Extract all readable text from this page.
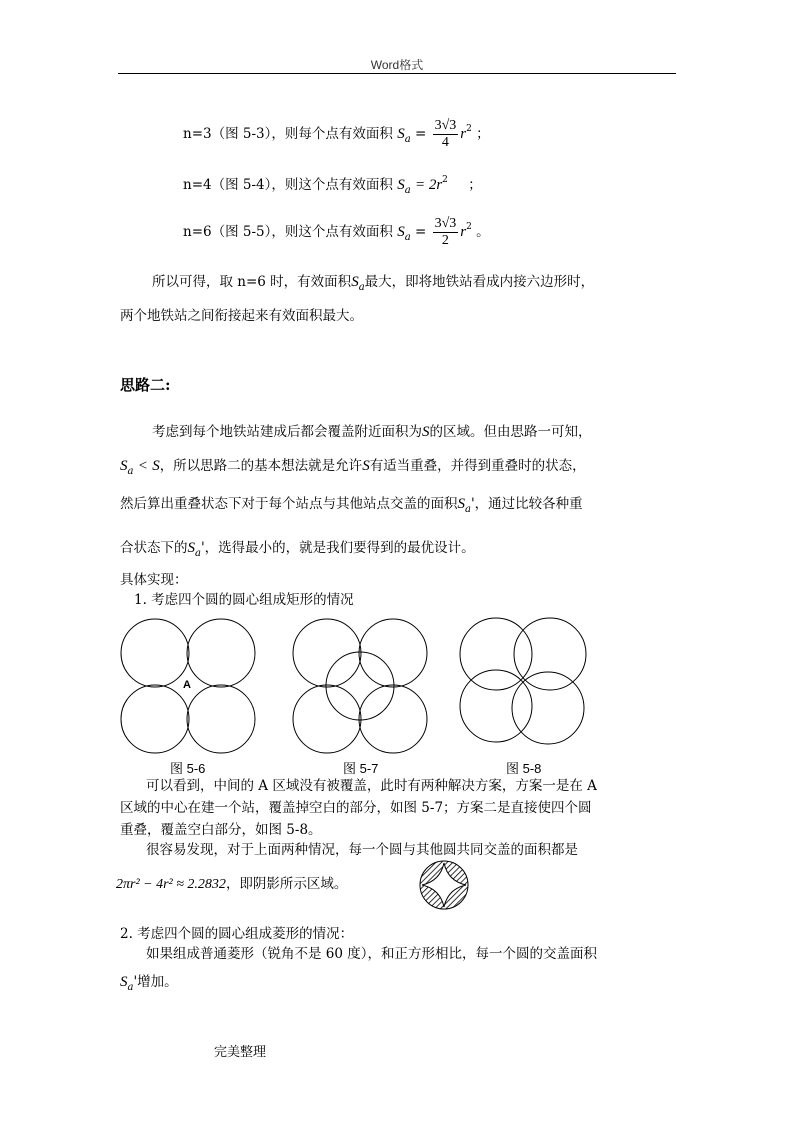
Word格式
n=3（图 5-3），则每个点有效面积 $S_a = \frac{3√3}{4} r^2$ ；
n=4（图 5-4），则这个点有效面积 $S_a = 2r^2$ ；
n=6（图 5-5），则这个点有效面积 $S_a = \frac{3√3}{2} r^2$ 。
所以可得，取 n=6 时，有效面积$S_a$最大，即将地铁站看成内接六边形时，
两个地铁站之间衔接起来有效面积最大。
思路二:
考虑到每个地铁站建成后都会覆盖附近面积为S的区域。但由思路一可知，
$S_a < S$，所以思路二的基本想法就是允许S有适当重叠，并得到重叠时的状态，
然后算出重叠状态下对于每个站点与其他站点交盖的面积$S_a'$，通过比较各种重
合状态下的$S_a'$，选得最小的，就是我们要得到的最优设计。
具体实现：
1. 考虑四个圆的圆心组成矩形的情况
A
图 5-6	图 5-7	图 5-8
可以看到，中间的 A 区域没有被覆盖，此时有两种解决方案，方案一是在 A
区域的中心在建一个站，覆盖掉空白的部分，如图 5-7；方案二是直接使四个圆
重叠，覆盖空白部分，如图 5-8。
很容易发现，对于上面两种情况，每一个圆与其他圆共同交盖的面积都是
2πr² − 4r² ≈ 2.2832，即阴影所示区域。
2. 考虑四个圆的圆心组成菱形的情况：
如果组成普通菱形（锐角不是 60 度），和正方形相比，每一个圆的交盖面积
$S_a'$增加。
完美整理
